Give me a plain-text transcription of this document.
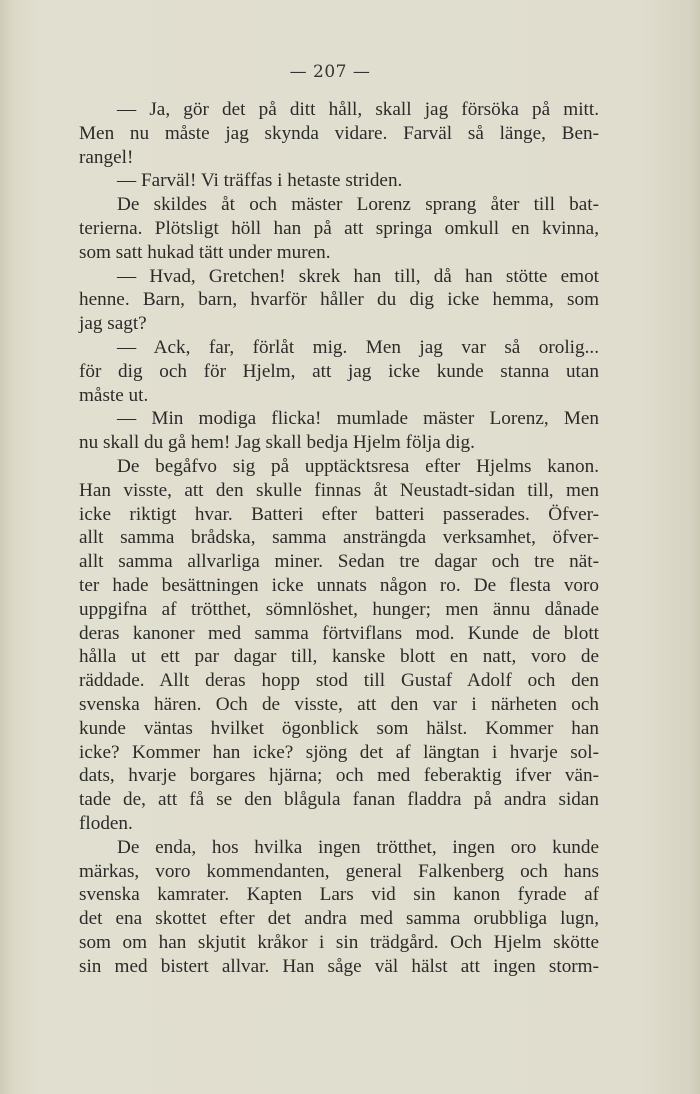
— 207 —
— Ja, gör det på ditt håll, skall jag försöka på mitt.
Men nu måste jag skynda vidare. Farväl så länge, Ben-
rangel!
— Farväl! Vi träffas i hetaste striden.
De skildes åt och mäster Lorenz sprang åter till bat-
terierna. Plötsligt höll han på att springa omkull en kvinna,
som satt hukad tätt under muren.
— Hvad, Gretchen! skrek han till, då han stötte emot
henne. Barn, barn, hvarför håller du dig icke hemma, som
jag sagt?
— Ack, far, förlåt mig. Men jag var så orolig...
för dig och för Hjelm, att jag icke kunde stanna utan
måste ut.
— Min modiga flicka! mumlade mäster Lorenz, Men
nu skall du gå hem! Jag skall bedja Hjelm följa dig.
De begåfvo sig på upptäcktsresa efter Hjelms kanon.
Han visste, att den skulle finnas åt Neustadt-sidan till, men
icke riktigt hvar. Batteri efter batteri passerades. Öfver-
allt samma brådska, samma ansträngda verksamhet, öfver-
allt samma allvarliga miner. Sedan tre dagar och tre nät-
ter hade besättningen icke unnats någon ro. De flesta voro
uppgifna af trötthet, sömnlöshet, hunger; men ännu dånade
deras kanoner med samma förtviflans mod. Kunde de blott
hålla ut ett par dagar till, kanske blott en natt, voro de
räddade. Allt deras hopp stod till Gustaf Adolf och den
svenska hären. Och de visste, att den var i närheten och
kunde väntas hvilket ögonblick som hälst. Kommer han
icke? Kommer han icke? sjöng det af längtan i hvarje sol-
dats, hvarje borgares hjärna; och med feberaktig ifver vän-
tade de, att få se den blågula fanan fladdra på andra sidan
floden.
De enda, hos hvilka ingen trötthet, ingen oro kunde
märkas, voro kommendanten, general Falkenberg och hans
svenska kamrater. Kapten Lars vid sin kanon fyrade af
det ena skottet efter det andra med samma orubbliga lugn,
som om han skjutit kråkor i sin trädgård. Och Hjelm skötte
sin med bistert allvar. Han såge väl hälst att ingen storm-
